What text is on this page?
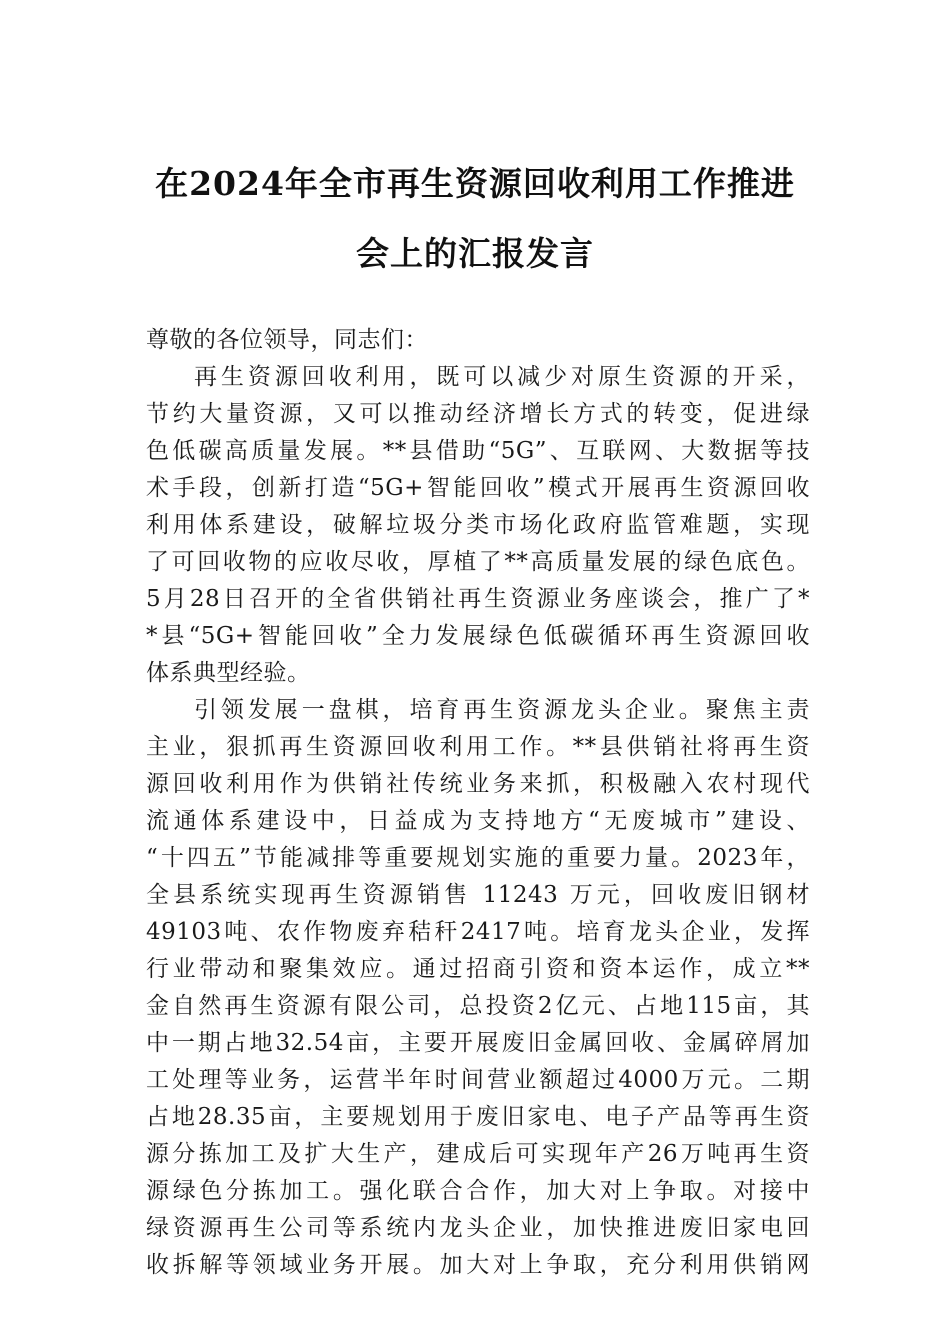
在2024年全市再生资源回收利用工作推进
会上的汇报发言
尊敬的各位领导，同志们：
再生资源回收利用，既可以减少对原生资源的开采，
节约大量资源，又可以推动经济增长方式的转变，促进绿
色低碳高质量发展。**县借助“5G”、互联网、大数据等技
术手段，创新打造“5G+智能回收”模式开展再生资源回收
利用体系建设，破解垃圾分类市场化政府监管难题，实现
了可回收物的应收尽收，厚植了**高质量发展的绿色底色。
5月28日召开的全省供销社再生资源业务座谈会，推广了*
*县“5G+智能回收”全力发展绿色低碳循环再生资源回收
体系典型经验。
引领发展一盘棋，培育再生资源龙头企业。聚焦主责
主业，狠抓再生资源回收利用工作。**县供销社将再生资
源回收利用作为供销社传统业务来抓，积极融入农村现代
流通体系建设中，日益成为支持地方“无废城市”建设、
“十四五”节能减排等重要规划实施的重要力量。2023年，
全县系统实现再生资源销售 11243 万元，回收废旧钢材
49103吨、农作物废弃秸秆2417吨。培育龙头企业，发挥
行业带动和聚集效应。通过招商引资和资本运作，成立**
金自然再生资源有限公司，总投资2亿元、占地115亩，其
中一期占地32.54亩，主要开展废旧金属回收、金属碎屑加
工处理等业务，运营半年时间营业额超过4000万元。二期
占地28.35亩，主要规划用于废旧家电、电子产品等再生资
源分拣加工及扩大生产，建成后可实现年产26万吨再生资
源绿色分拣加工。强化联合合作，加大对上争取。对接中
绿资源再生公司等系统内龙头企业，加快推进废旧家电回
收拆解等领域业务开展。加大对上争取，充分利用供销网
